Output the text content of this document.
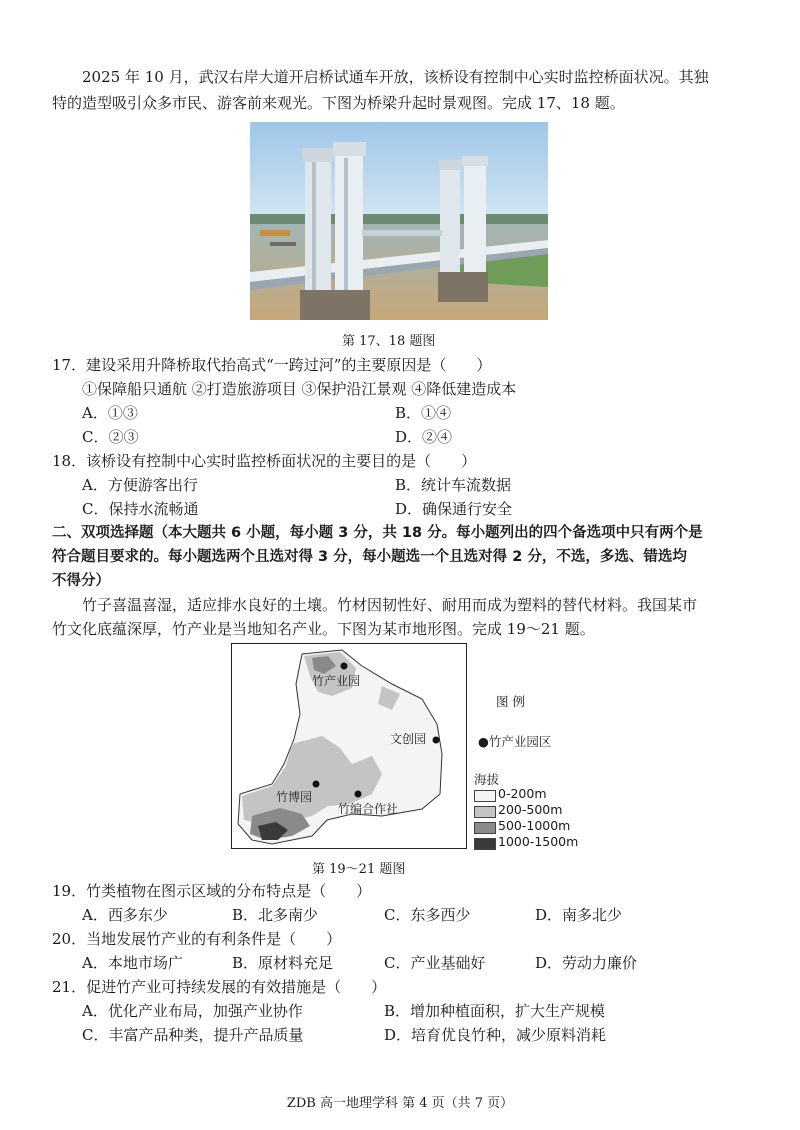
2025 年 10 月，武汉右岸大道开启桥试通车开放，该桥设有控制中心实时监控桥面状况。其独
特的造型吸引众多市民、游客前来观光。下图为桥梁升起时景观图。完成 17、18 题。
第 17、18 题图
17．建设采用升降桥取代抬高式“一跨过河”的主要原因是（　　）
①保障船只通航 ②打造旅游项目 ③保护沿江景观 ④降低建造成本
A．①③	B．①④
C．②③	D．②④
18．该桥设有控制中心实时监控桥面状况的主要目的是（　　）
A．方便游客出行	B．统计车流数据
C．保持水流畅通	D．确保通行安全
二、双项选择题（本大题共 6 小题，每小题 3 分，共 18 分。每小题列出的四个备选项中只有两个是
符合题目要求的。每小题选两个且选对得 3 分，每小题选一个且选对得 2 分，不选，多选、错选均
不得分）
竹子喜温喜湿，适应排水良好的土壤。竹材因韧性好、耐用而成为塑料的替代材料。我国某市
竹文化底蕴深厚，竹产业是当地知名产业。下图为某市地形图。完成 19～21 题。
竹产业园
文创园
竹博园
竹编合作社
图 例
●竹产业园区
海拔
0-200m
200-500m
500-1000m
1000-1500m
第 19～21 题图
19．竹类植物在图示区域的分布特点是（　　）
A．西多东少	B．北多南少	C．东多西少	D．南多北少
20．当地发展竹产业的有利条件是（　　）
A．本地市场广	B．原材料充足	C．产业基础好	D．劳动力廉价
21．促进竹产业可持续发展的有效措施是（　　）
A．优化产业布局，加强产业协作	B．增加种植面积，扩大生产规模
C．丰富产品种类，提升产品质量	D．培育优良竹种，减少原料消耗
ZDB 高一地理学科 第 4 页（共 7 页）
